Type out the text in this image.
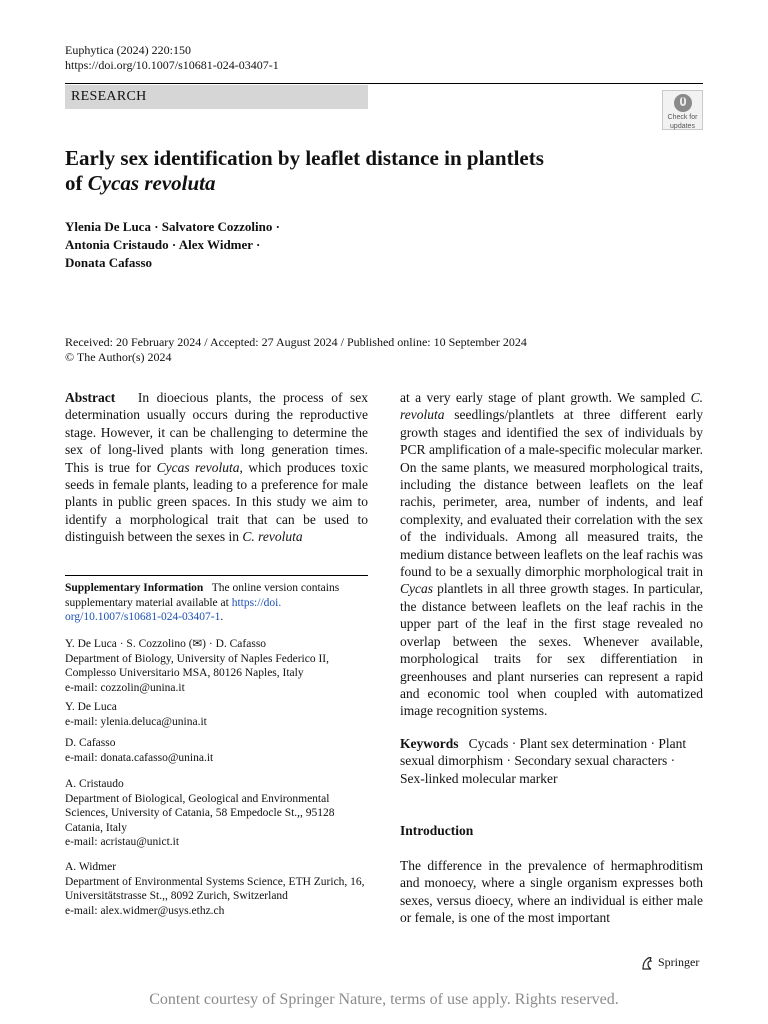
Euphytica (2024) 220:150
https://doi.org/10.1007/s10681-024-03407-1
RESEARCH
Check for
updates
Early sex identification by leaflet distance in plantlets
of Cycas revoluta
Ylenia De Luca · Salvatore Cozzolino ·
Antonia Cristaudo · Alex Widmer ·
Donata Cafasso
Received: 20 February 2024 / Accepted: 27 August 2024 / Published online: 10 September 2024
© The Author(s) 2024
Abstract In dioecious plants, the process of sex determination usually occurs during the reproductive stage. However, it can be challenging to determine the sex of long-lived plants with long generation times. This is true for Cycas revoluta, which produces toxic seeds in female plants, leading to a preference for male plants in public green spaces. In this study we aim to identify a morphological trait that can be used to distinguish between the sexes in C. revoluta
Supplementary Information The online version contains supplementary material available at https://doi.
org/10.1007/s10681-024-03407-1.
Y. De Luca · S. Cozzolino (✉) · D. Cafasso
Department of Biology, University of Naples Federico II, Complesso Universitario MSA, 80126 Naples, Italy
e-mail: cozzolin@unina.it
Y. De Luca
e-mail: ylenia.deluca@unina.it
D. Cafasso
e-mail: donata.cafasso@unina.it
A. Cristaudo
Department of Biological, Geological and Environmental Sciences, University of Catania, 58 Empedocle St.,, 95128 Catania, Italy
e-mail: acristau@unict.it
A. Widmer
Department of Environmental Systems Science, ETH Zurich, 16, Universitätstrasse St.,, 8092 Zurich, Switzerland
e-mail: alex.widmer@usys.ethz.ch
at a very early stage of plant growth. We sampled C. revoluta seedlings/plantlets at three different early growth stages and identified the sex of individuals by PCR amplification of a male-specific molecular marker. On the same plants, we measured morphological traits, including the distance between leaflets on the leaf rachis, perimeter, area, number of indents, and leaf complexity, and evaluated their correlation with the sex of the individuals. Among all measured traits, the medium distance between leaflets on the leaf rachis was found to be a sexually dimorphic morphological trait in Cycas plantlets in all three growth stages. In particular, the distance between leaflets on the leaf rachis in the upper part of the leaf in the first stage revealed no overlap between the sexes. Whenever available, morphological traits for sex differentiation in greenhouses and plant nurseries can represent a rapid and economic tool when coupled with automatized image recognition systems.
Keywords Cycads · Plant sex determination · Plant sexual dimorphism · Secondary sexual characters · Sex-linked molecular marker
Introduction
The difference in the prevalence of hermaphroditism and monoecy, where a single organism expresses both sexes, versus dioecy, where an individual is either male or female, is one of the most important
Springer
Content courtesy of Springer Nature, terms of use apply. Rights reserved.
